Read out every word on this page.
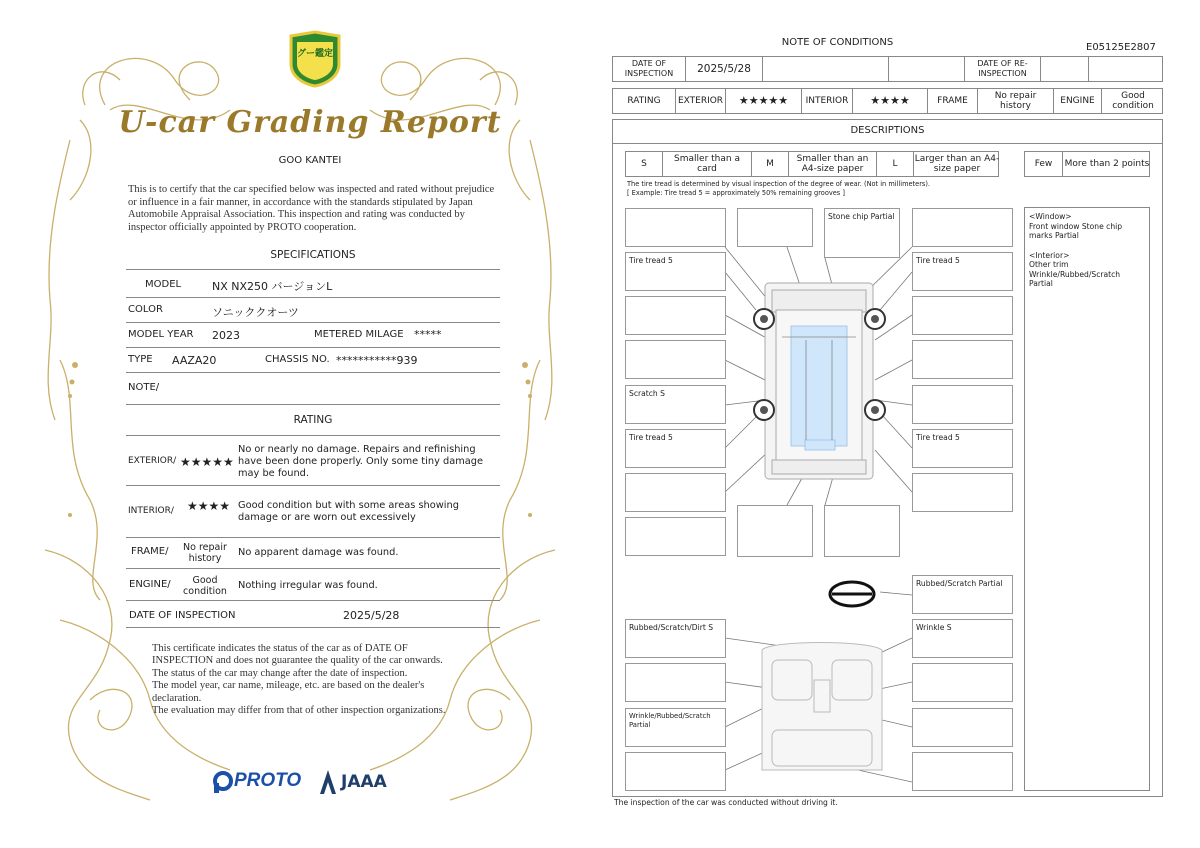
グー鑑定
U-car Grading Report
GOO KANTEI
This is to certify that the car specified below was inspected and rated without prejudice or influence in a fair manner, in accordance with the standards stipulated by Japan Automobile Appraisal Association. This inspection and rating was conducted by inspector officially appointed by PROTO cooperation.
SPECIFICATIONS
MODEL	NX NX250 バージョンL
COLOR	ソニッククオーツ
MODEL YEAR 2023	METERED MILAGE *****
TYPE AAZA20	CHASSIS NO. ***********939
NOTE/
RATING
EXTERIOR/ ★★★★★
No or nearly no damage. Repairs and refinishing have been done properly. Only some tiny damage may be found.
INTERIOR/ ★★★★ Good condition but with some areas showing damage or are worn out excessively
FRAME/	No repair history
No apparent damage was found.
ENGINE/	Good condition
Nothing irregular was found.
DATE OF INSPECTION	2025/5/28
This certificate indicates the status of the car as of DATE OF
INSPECTION and does not guarantee the quality of the car onwards.
The status of the car may change after the date of inspection.
The model year, car name, mileage, etc. are based on the dealer's
declaration.
The evaluation may differ from that of other inspection organizations.
PROTO JAAA
NOTE OF CONDITIONS	E05125E2807
DATE OF INSPECTION	2025/5/28	DATE OF RE-INSPECTION
RATING	EXTERIOR	★★★★★	INTERIOR	★★★★	FRAME	No repair history	ENGINE	Good condition
DESCRIPTIONS
S	Smaller than a card	M	Smaller than an A4-size paper	L	Larger than an A4-size paper	Few	More than 2 points
The tire tread is determined by visual inspection of the degree of wear. (Not in millimeters).
[ Example: Tire tread 5 = approximately 50% remaining grooves ]
<Window>
Front window Stone chip marks Partial
<Interior>
Other trim Wrinkle/Rubbed/Scratch Partial
Tire tread 5
Scratch S
Tire tread 5
Stone chip Partial
Tire tread 5
Tire tread 5
Rubbed/Scratch Partial
Rubbed/Scratch/Dirt S	Wrinkle S
Wrinkle/Rubbed/Scratch Partial
The inspection of the car was conducted without driving it.
